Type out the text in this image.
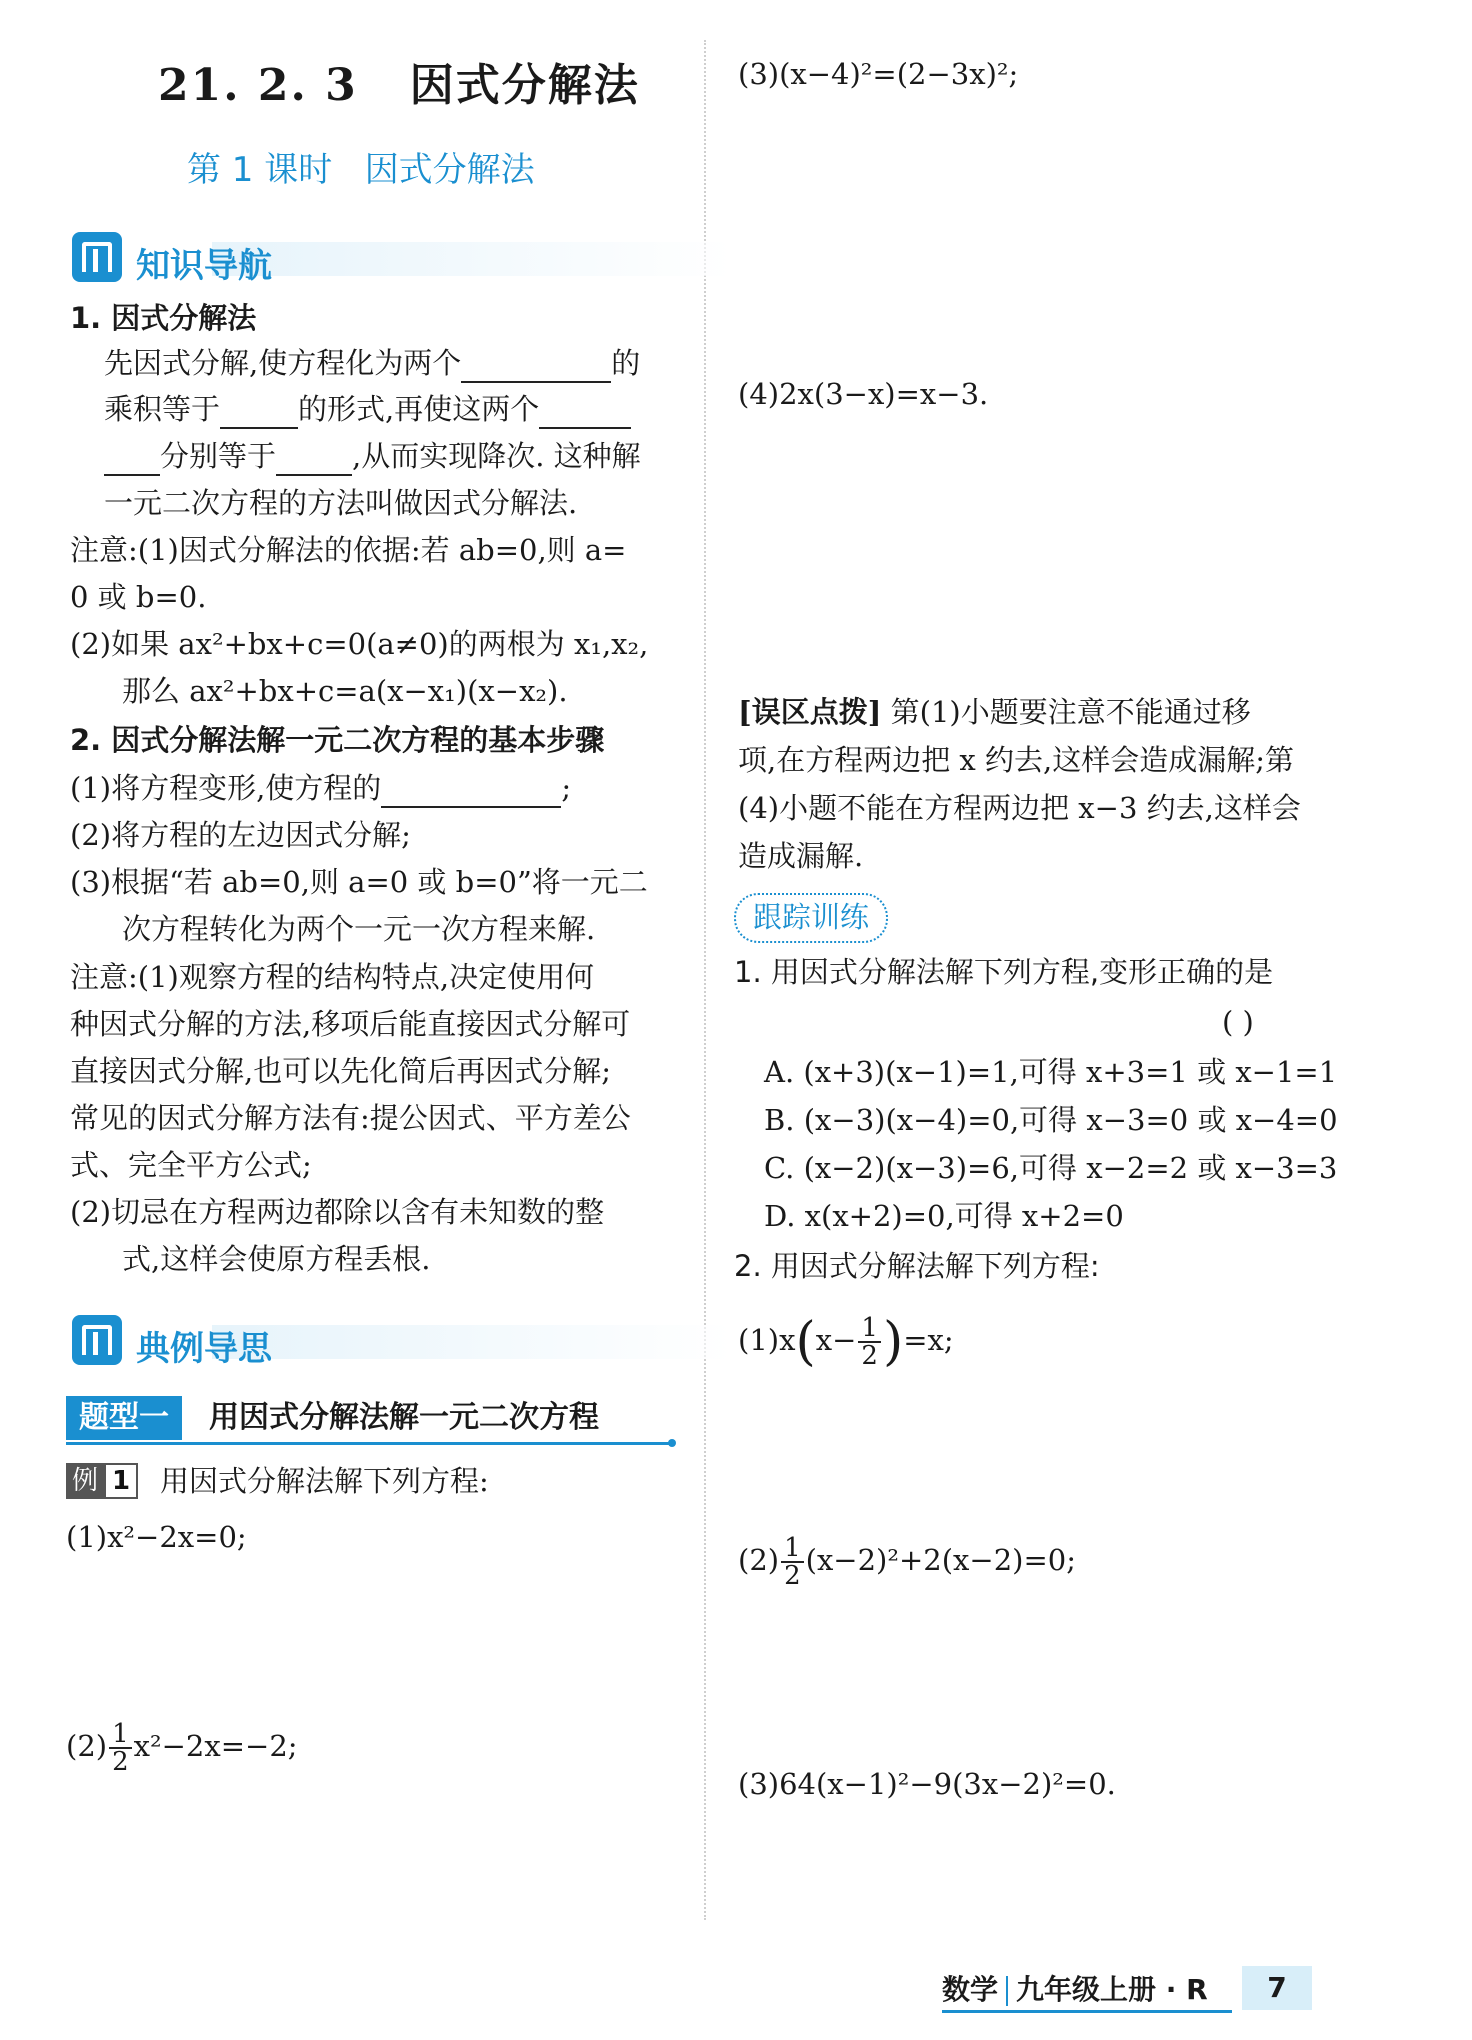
21. 2. 3 因式分解法
第 1 课时 因式分解法
知识导航
1. 因式分解法
先因式分解,使方程化为两个	的
乘积等于	的形式,再使这两个
分别等于	,从而实现降次. 这种解
一元二次方程的方法叫做因式分解法.
注意:(1)因式分解法的依据:若 ab=0,则 a=
0 或 b=0.
(2)如果 ax²+bx+c=0(a≠0)的两根为 x₁,x₂,
那么 ax²+bx+c=a(x−x₁)(x−x₂).
2. 因式分解法解一元二次方程的基本步骤
(1)将方程变形,使方程的	;
(2)将方程的左边因式分解;
(3)根据“若 ab=0,则 a=0 或 b=0”将一元二
次方程转化为两个一元一次方程来解.
注意:(1)观察方程的结构特点,决定使用何
种因式分解的方法,移项后能直接因式分解可
直接因式分解,也可以先化简后再因式分解;
常见的因式分解方法有:提公因式、平方差公
式、完全平方公式;
(2)切忌在方程两边都除以含有未知数的整
式,这样会使原方程丢根.
典例导思
题型一	用因式分解法解一元二次方程
例 1 用因式分解法解下列方程:
(1)x²−2x=0;
$(2) \frac{1}{2} x^2-2x=-2$;
(3)(x−4)²=(2−3x)²;
(4)2x(3−x)=x−3.
[误区点拨] 第(1)小题要注意不能通过移
项,在方程两边把 x 约去,这样会造成漏解;第
(4)小题不能在方程两边把 x−3 约去,这样会
造成漏解.
跟踪训练
1. 用因式分解法解下列方程,变形正确的是
( )
A. (x+3)(x−1)=1,可得 x+3=1 或 x−1=1
B. (x−3)(x−4)=0,可得 x−3=0 或 x−4=0
C. (x−2)(x−3)=6,可得 x−2=2 或 x−3=3
D. x(x+2)=0,可得 x+2=0
2. 用因式分解法解下列方程:
$(1)x(x- \frac{1}{2} )=x$;
$(2) \frac{1}{2} (x-2)^2+2(x-2)=0$;
(3)64(x−1)²−9(3x−2)²=0.
数学 九年级上册 · R	7
